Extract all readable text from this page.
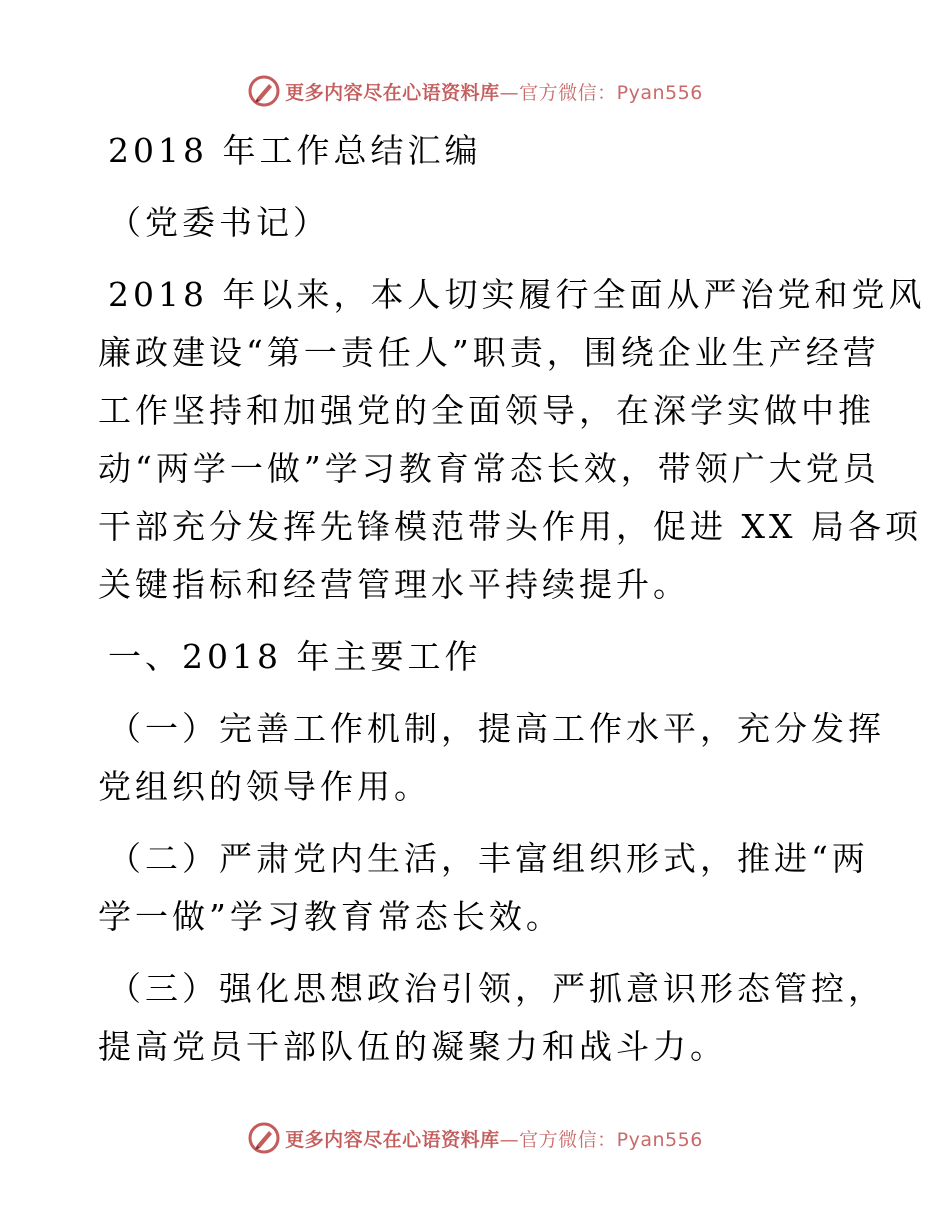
更多内容尽在心语资料库—官方微信：Pyan556
2018 年工作总结汇编
（党委书记）
2018 年以来，本人切实履行全面从严治党和党风
廉政建设“第一责任人”职责，围绕企业生产经营
工作坚持和加强党的全面领导，在深学实做中推
动“两学一做”学习教育常态长效，带领广大党员
干部充分发挥先锋模范带头作用，促进 XX 局各项
关键指标和经营管理水平持续提升。
一、2018 年主要工作
（一）完善工作机制，提高工作水平，充分发挥
党组织的领导作用。
（二）严肃党内生活，丰富组织形式，推进“两
学一做”学习教育常态长效。
（三）强化思想政治引领，严抓意识形态管控，
提高党员干部队伍的凝聚力和战斗力。
更多内容尽在心语资料库—官方微信：Pyan556
